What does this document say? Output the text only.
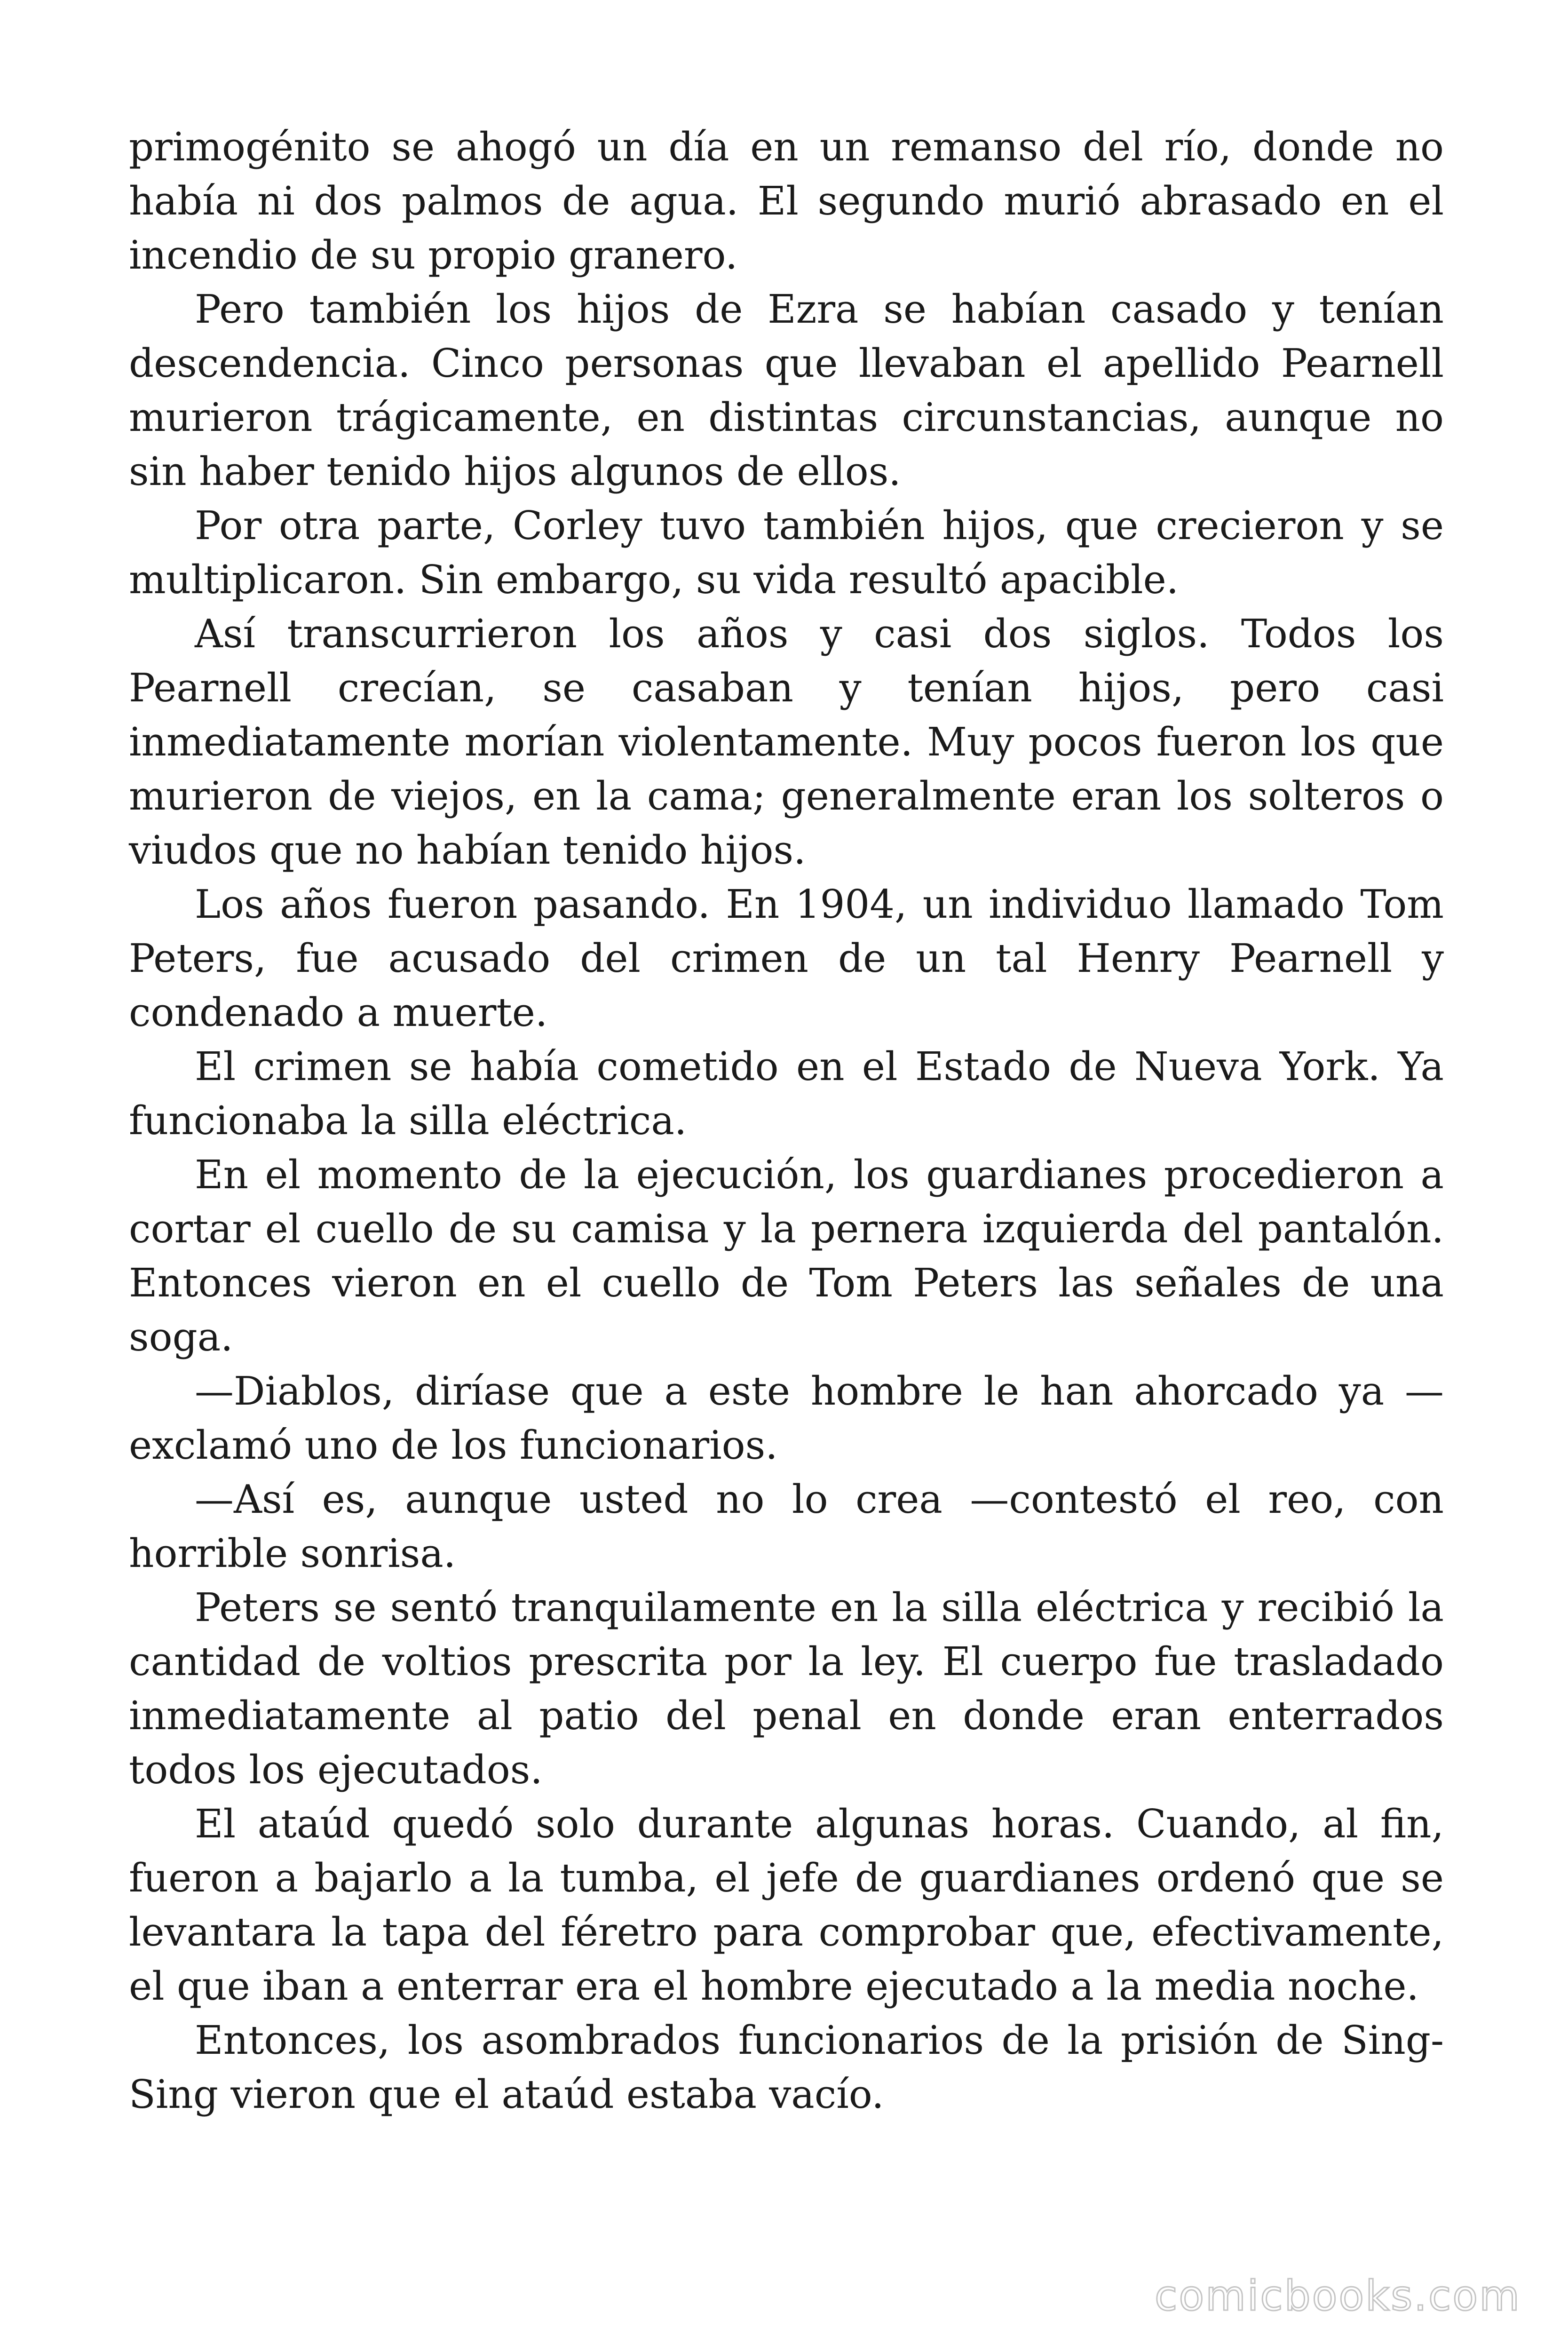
primogénito se ahogó un día en un remanso del río, donde no había ni dos palmos de agua. El segundo murió abrasado en el incendio de su propio granero.

Pero también los hijos de Ezra se habían casado y tenían descendencia. Cinco personas que llevaban el apellido Pearnell murieron trágicamente, en distintas circunstancias, aunque no sin haber tenido hijos algunos de ellos.

Por otra parte, Corley tuvo también hijos, que crecieron y se multiplicaron. Sin embargo, su vida resultó apacible.

Así transcurrieron los años y casi dos siglos. Todos los Pearnell crecían, se casaban y tenían hijos, pero casi inmediatamente morían violentamente. Muy pocos fueron los que murieron de viejos, en la cama; generalmente eran los solteros o viudos que no habían tenido hijos.

Los años fueron pasando. En 1904, un individuo llamado Tom Peters, fue acusado del crimen de un tal Henry Pearnell y condenado a muerte.

El crimen se había cometido en el Estado de Nueva York. Ya funcionaba la silla eléctrica.

En el momento de la ejecución, los guardianes procedieron a cortar el cuello de su camisa y la pernera izquierda del pantalón. Entonces vieron en el cuello de Tom Peters las señales de una soga.

—Diablos, diríase que a este hombre le han ahorcado ya —exclamó uno de los funcionarios.

—Así es, aunque usted no lo crea —contestó el reo, con horrible sonrisa.

Peters se sentó tranquilamente en la silla eléctrica y recibió la cantidad de voltios prescrita por la ley. El cuerpo fue trasladado inmediatamente al patio del penal en donde eran enterrados todos los ejecutados.

El ataúd quedó solo durante algunas horas. Cuando, al fin, fueron a bajarlo a la tumba, el jefe de guardianes ordenó que se levantara la tapa del féretro para comprobar que, efectivamente, el que iban a enterrar era el hombre ejecutado a la media noche.

Entonces, los asombrados funcionarios de la prisión de Sing-Sing vieron que el ataúd estaba vacío.

comicbooks.com
